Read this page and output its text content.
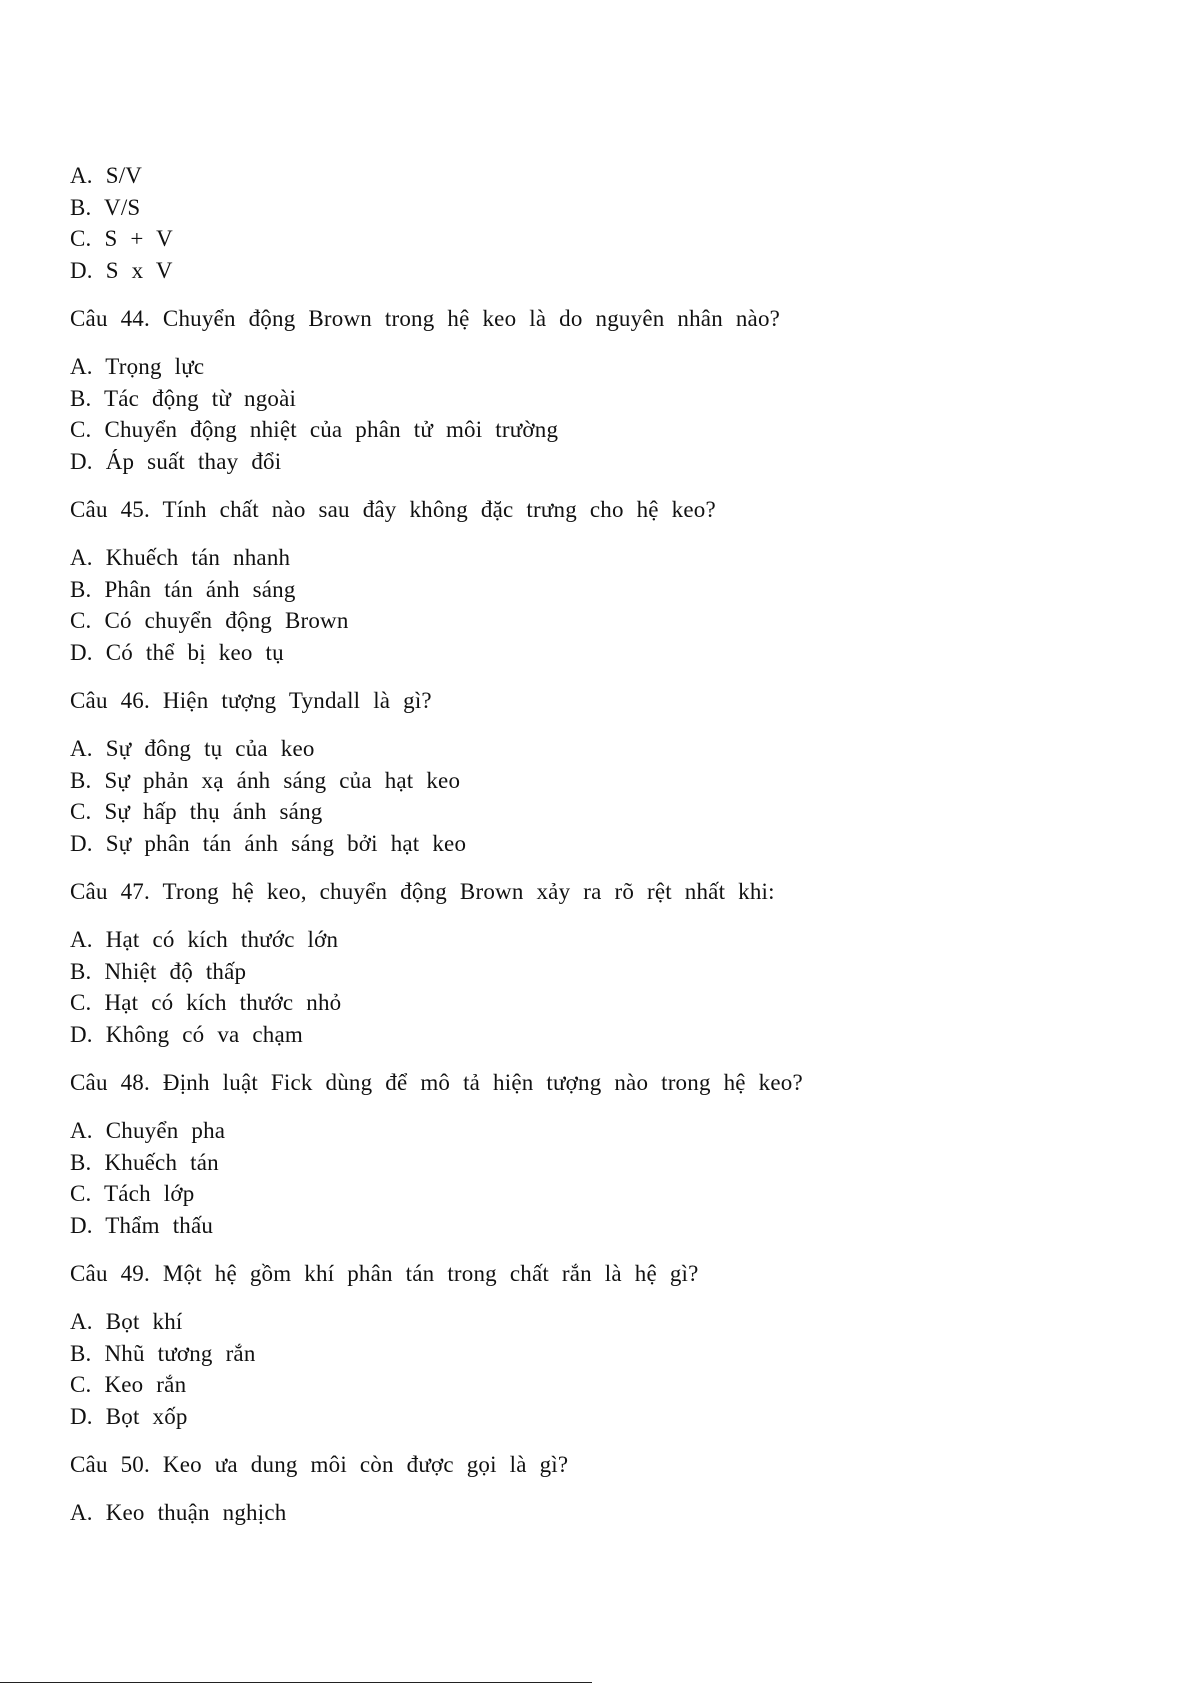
A. S/V
B. V/S
C. S + V
D. S x V
Câu 44. Chuyển động Brown trong hệ keo là do nguyên nhân nào?
A. Trọng lực
B. Tác động từ ngoài
C. Chuyển động nhiệt của phân tử môi trường
D. Áp suất thay đổi
Câu 45. Tính chất nào sau đây không đặc trưng cho hệ keo?
A. Khuếch tán nhanh
B. Phân tán ánh sáng
C. Có chuyển động Brown
D. Có thể bị keo tụ
Câu 46. Hiện tượng Tyndall là gì?
A. Sự đông tụ của keo
B. Sự phản xạ ánh sáng của hạt keo
C. Sự hấp thụ ánh sáng
D. Sự phân tán ánh sáng bởi hạt keo
Câu 47. Trong hệ keo, chuyển động Brown xảy ra rõ rệt nhất khi:
A. Hạt có kích thước lớn
B. Nhiệt độ thấp
C. Hạt có kích thước nhỏ
D. Không có va chạm
Câu 48. Định luật Fick dùng để mô tả hiện tượng nào trong hệ keo?
A. Chuyển pha
B. Khuếch tán
C. Tách lớp
D. Thẩm thấu
Câu 49. Một hệ gồm khí phân tán trong chất rắn là hệ gì?
A. Bọt khí
B. Nhũ tương rắn
C. Keo rắn
D. Bọt xốp
Câu 50. Keo ưa dung môi còn được gọi là gì?
A. Keo thuận nghịch
